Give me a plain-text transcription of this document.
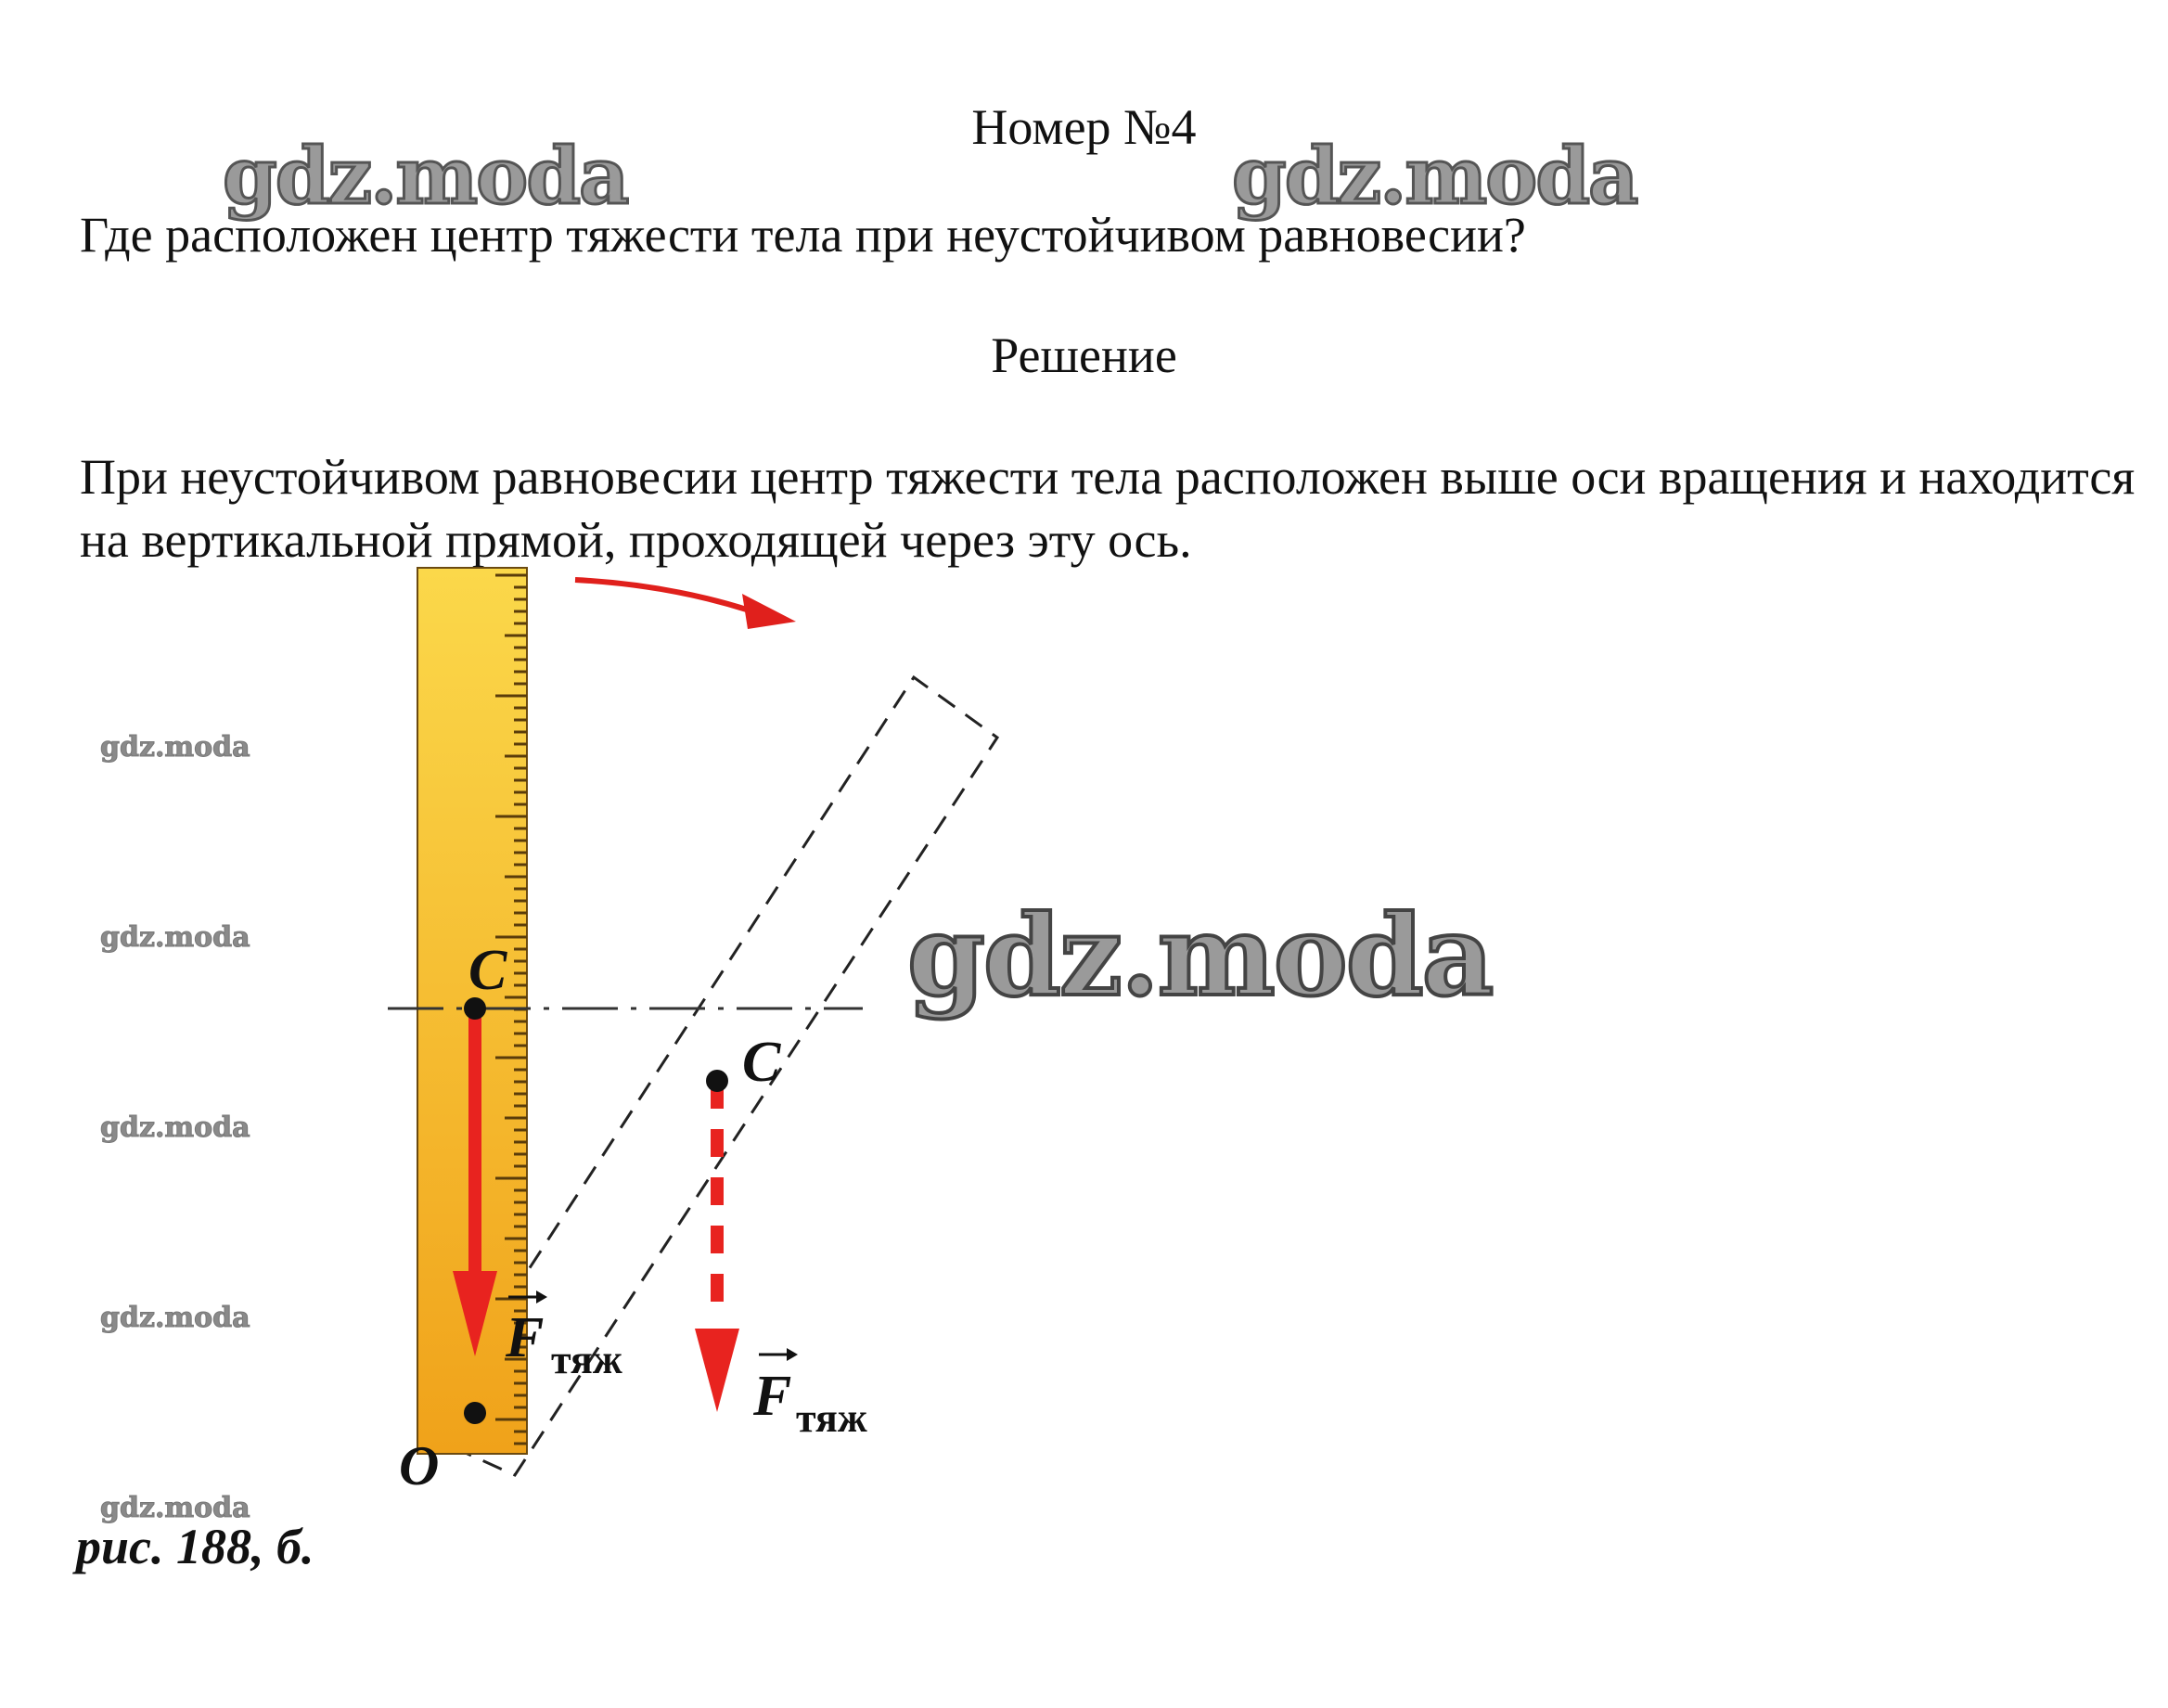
Номер №4
Где расположен центр тяжести тела при неустойчивом равновесии?
Решение
При неустойчивом равновесии центр тяжести тела расположен выше оси вращения и находится на вертикальной прямой, проходящей через эту ось.
C
C
O
F тяж
F тяж
gdz.moda	gdz.moda
gdz.moda
gdz.moda
gdz.moda
gdz.moda
gdz.moda
gdz.moda
рис. 188, б.
